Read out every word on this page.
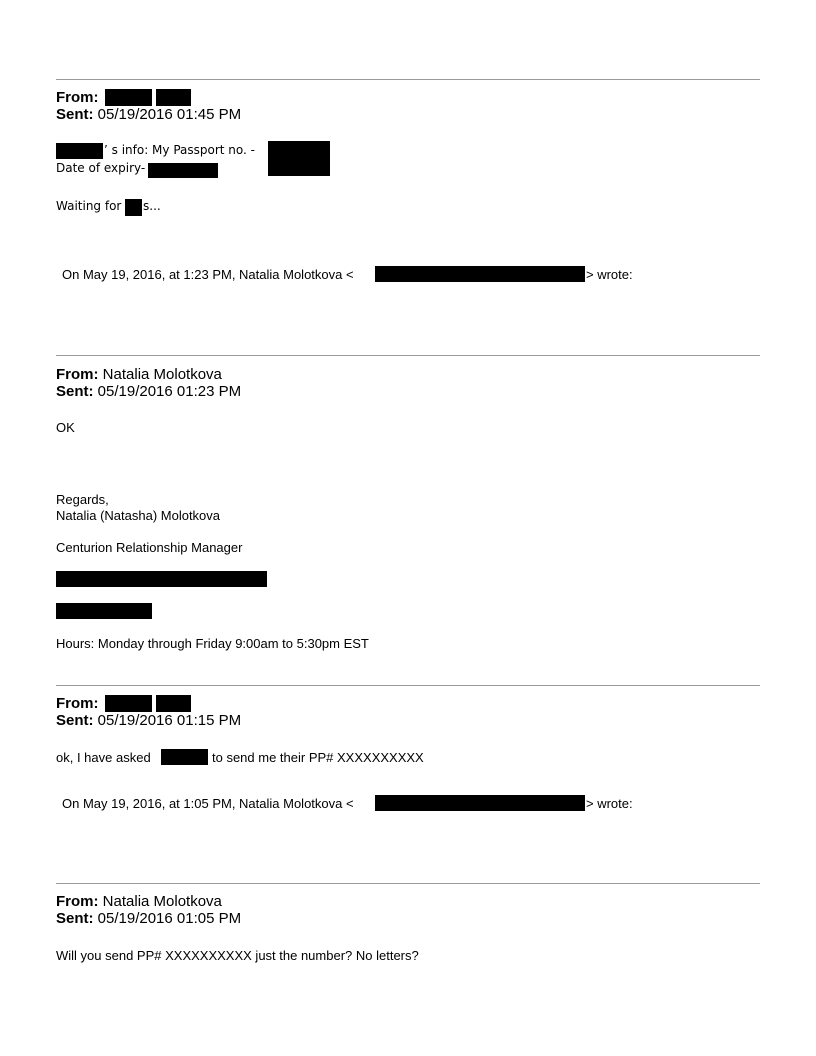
From:
Sent: 05/19/2016 01:45 PM
’ s info: My Passport no. -
Date of expiry-
Waiting for s...
On May 19, 2016, at 1:23 PM, Natalia Molotkova <	> wrote:
From: Natalia Molotkova
Sent: 05/19/2016 01:23 PM
OK
Regards,
Natalia (Natasha) Molotkova
Centurion Relationship Manager
Hours: Monday through Friday 9:00am to 5:30pm EST
From:
Sent: 05/19/2016 01:15 PM
ok, I have asked	to send me their PP# XXXXXXXXXX
On May 19, 2016, at 1:05 PM, Natalia Molotkova <	> wrote:
From: Natalia Molotkova
Sent: 05/19/2016 01:05 PM
Will you send PP# XXXXXXXXXX just the number? No letters?
